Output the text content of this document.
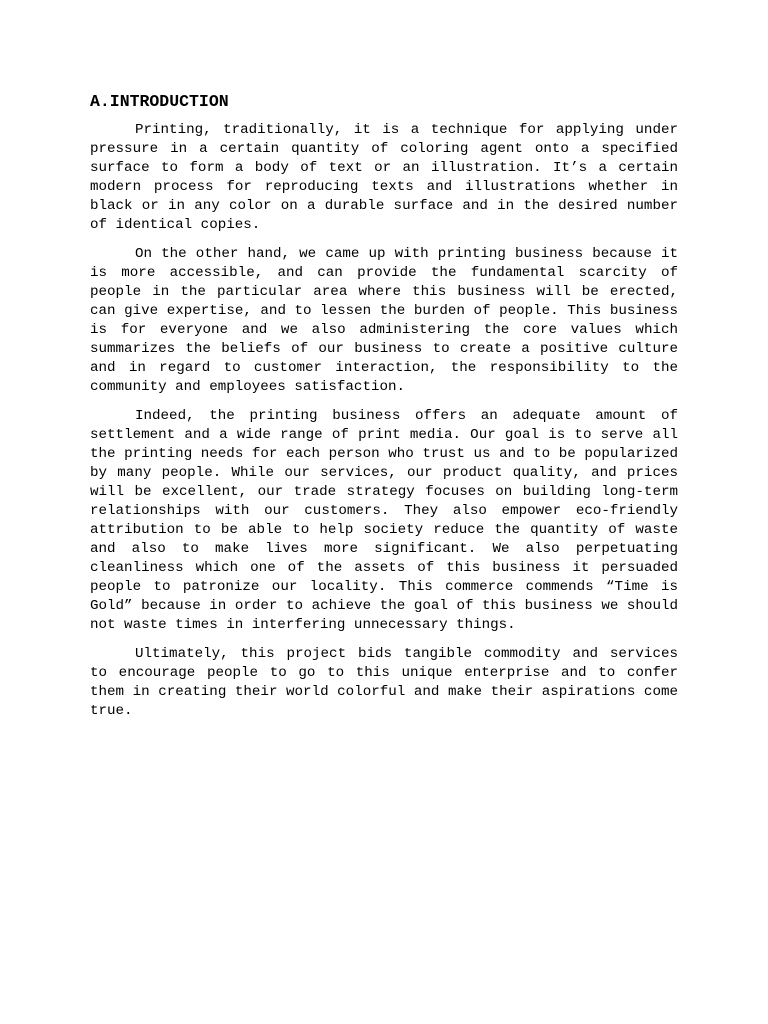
A.INTRODUCTION

Printing, traditionally, it is a technique for applying under pressure in a certain quantity of coloring agent onto a specified surface to form a body of text or an illustration. It’s a certain modern process for reproducing texts and illustrations whether in black or in any color on a durable surface and in the desired number of identical copies.

On the other hand, we came up with printing business because it is more accessible, and can provide the fundamental scarcity of people in the particular area where this business will be erected, can give expertise, and to lessen the burden of people. This business is for everyone and we also administering the core values which summarizes the beliefs of our business to create a positive culture and in regard to customer interaction, the responsibility to the community and employees satisfaction.

Indeed, the printing business offers an adequate amount of settlement and a wide range of print media. Our goal is to serve all the printing needs for each person who trust us and to be popularized by many people. While our services, our product quality, and prices will be excellent, our trade strategy focuses on building long-term relationships with our customers. They also empower eco-friendly attribution to be able to help society reduce the quantity of waste and also to make lives more significant. We also perpetuating cleanliness which one of the assets of this business it persuaded people to patronize our locality. This commerce commends “Time is Gold” because in order to achieve the goal of this business we should not waste times in interfering unnecessary things.

Ultimately, this project bids tangible commodity and services to encourage people to go to this unique enterprise and to confer them in creating their world colorful and make their aspirations come true.
